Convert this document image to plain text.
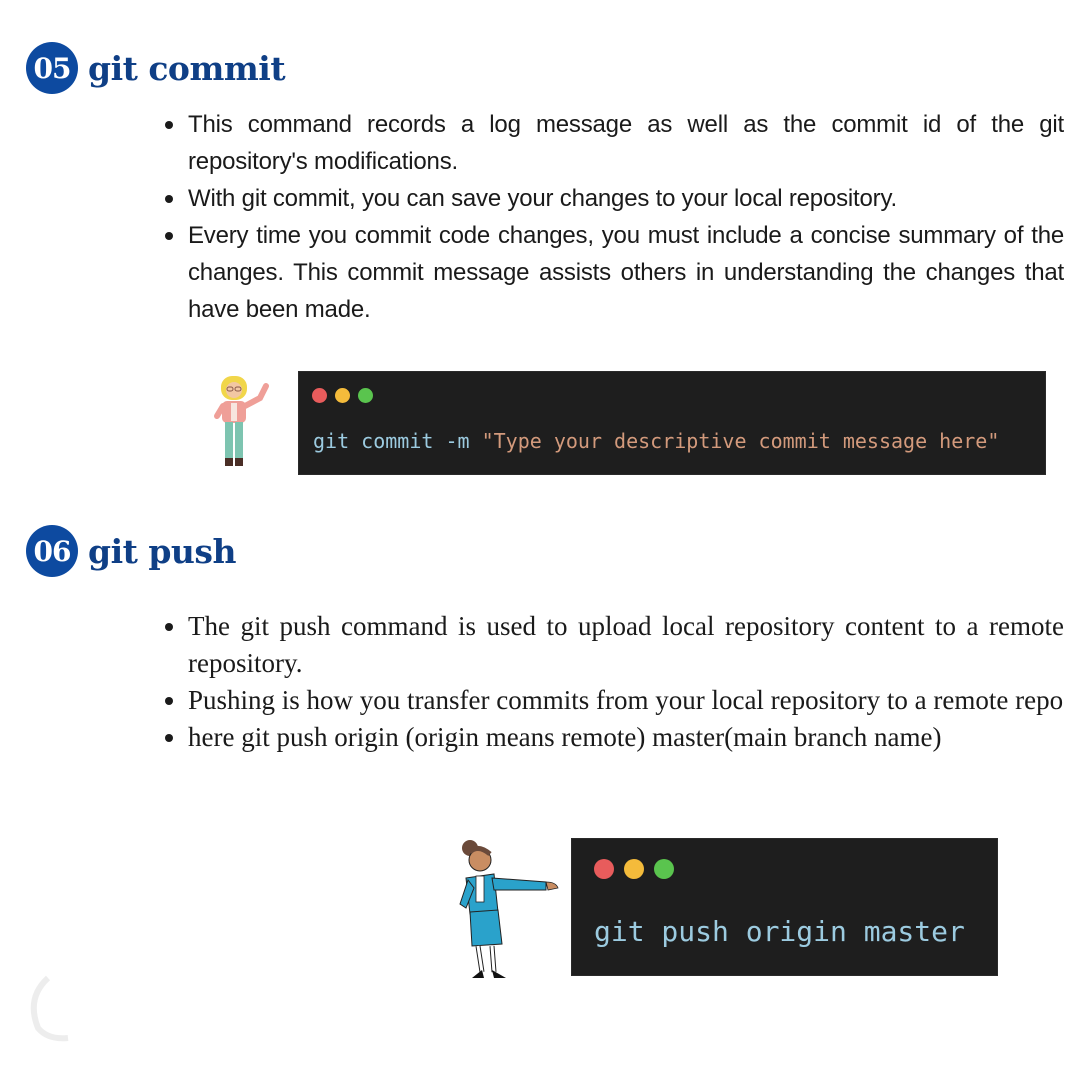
05 git commit
This command records a log message as well as the commit id of the git repository's modifications.
With git commit, you can save your changes to your local repository.
Every time you commit code changes, you must include a concise summary of the changes. This commit message assists others in understanding the changes that have been made.
git commit -m "Type your descriptive commit message here"
06 git push
The git push command is used to upload local repository content to a remote repository.
Pushing is how you transfer commits from your local repository to a remote repo
here git push origin (origin means remote) master(main branch name)
git push origin master
